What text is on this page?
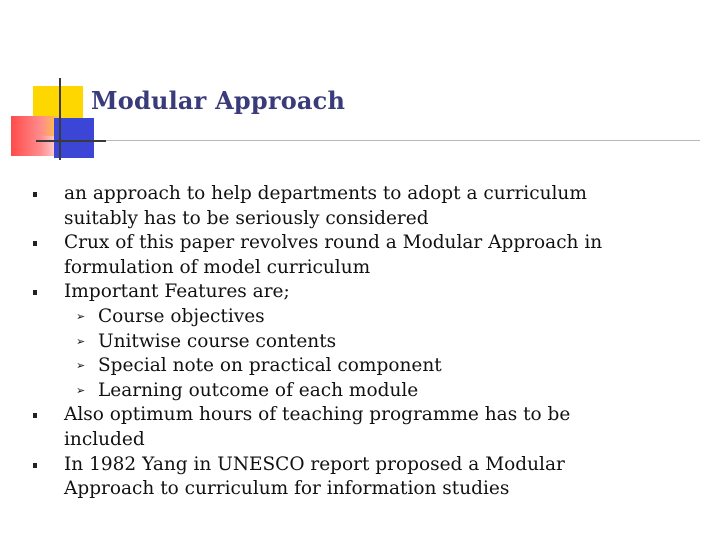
Modular Approach
an approach to help departments to adopt a curriculum
suitably has to be seriously considered
Crux of this paper revolves round a Modular Approach in
formulation of model curriculum
Important Features are;
➢ Course objectives
➢ Unitwise course contents
➢ Special note on practical component
➢ Learning outcome of each module
Also optimum hours of teaching programme has to be
included
In 1982 Yang in UNESCO report proposed a Modular
Approach to curriculum for information studies
